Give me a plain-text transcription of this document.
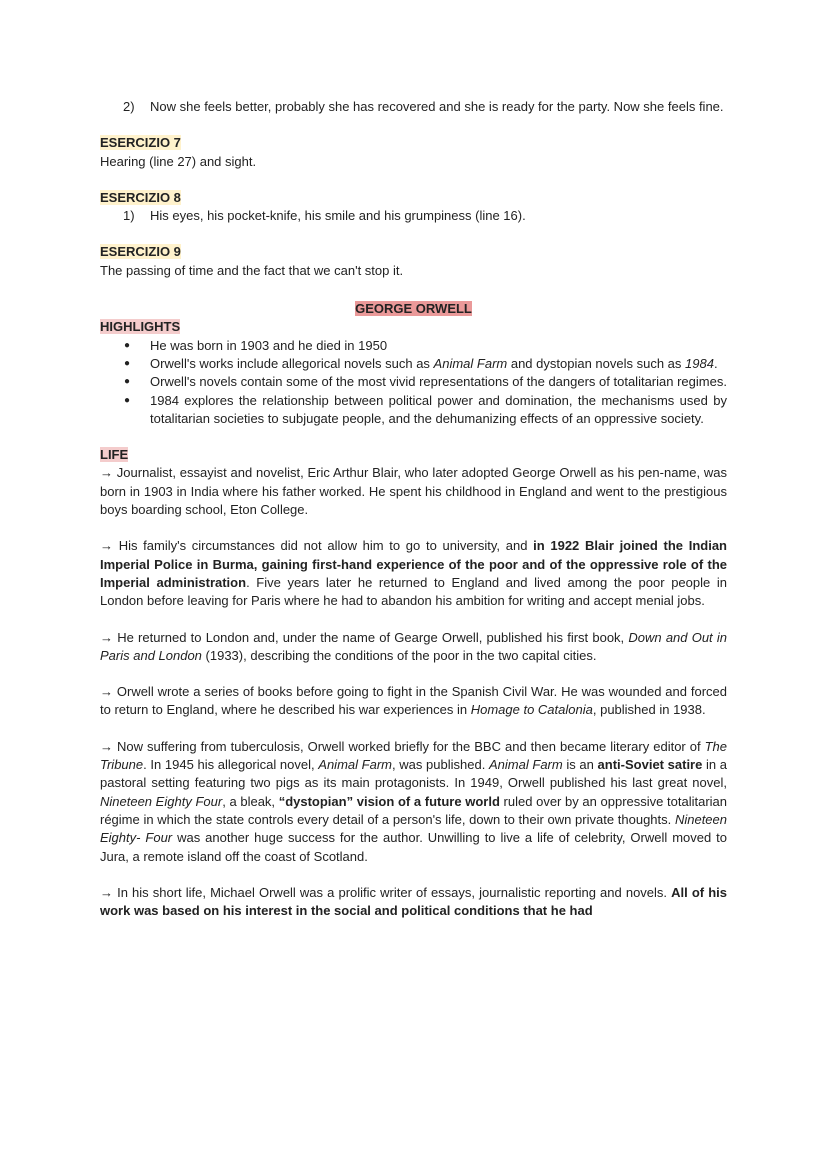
2)	Now she feels better, probably she has recovered and she is ready for the party. Now she feels fine.

ESERCIZIO 7

Hearing (line 27) and sight.

ESERCIZIO 8

1)	His eyes, his pocket-knife, his smile and his grumpiness (line 16).

ESERCIZIO 9

The passing of time and the fact that we can't stop it.

GEORGE ORWELL

HIGHLIGHTS

●	He was born in 1903 and he died in 1950
●	Orwell's works include allegorical novels such as Animal Farm and dystopian novels such as 1984.
●	Orwell's novels contain some of the most vivid representations of the dangers of totalitarian regimes.
●	1984 explores the relationship between political power and domination, the mechanisms used by totalitarian societies to subjugate people, and the dehumanizing effects of an oppressive society.

LIFE

→ Journalist, essayist and novelist, Eric Arthur Blair, who later adopted George Orwell as his pen-name, was born in 1903 in India where his father worked. He spent his childhood in England and went to the prestigious boys boarding school, Eton College.

→ His family's circumstances did not allow him to go to university, and in 1922 Blair joined the Indian Imperial Police in Burma, gaining first-hand experience of the poor and of the oppressive role of the Imperial administration. Five years later he returned to England and lived among the poor people in London before leaving for Paris where he had to abandon his ambition for writing and accept menial jobs.

→ He returned to London and, under the name of Gearge Orwell, published his first book, Down and Out in Paris and London (1933), describing the conditions of the poor in the two capital cities.

→ Orwell wrote a series of books before going to fight in the Spanish Civil War. He was wounded and forced to return to England, where he described his war experiences in Homage to Catalonia, published in 1938.

→ Now suffering from tuberculosis, Orwell worked briefly for the BBC and then became literary editor of The Tribune. In 1945 his allegorical novel, Animal Farm, was published. Animal Farm is an anti-Soviet satire in a pastoral setting featuring two pigs as its main protagonists. In 1949, Orwell published his last great novel, Nineteen Eighty Four, a bleak, “dystopian” vision of a future world ruled over by an oppressive totalitarian régime in which the state controls every detail of a person's life, down to their own private thoughts. Nineteen Eighty- Four was another huge success for the author. Unwilling to live a life of celebrity, Orwell moved to Jura, a remote island off the coast of Scotland.

→ In his short life, Michael Orwell was a prolific writer of essays, journalistic reporting and novels. All of his work was based on his interest in the social and political conditions that he had
